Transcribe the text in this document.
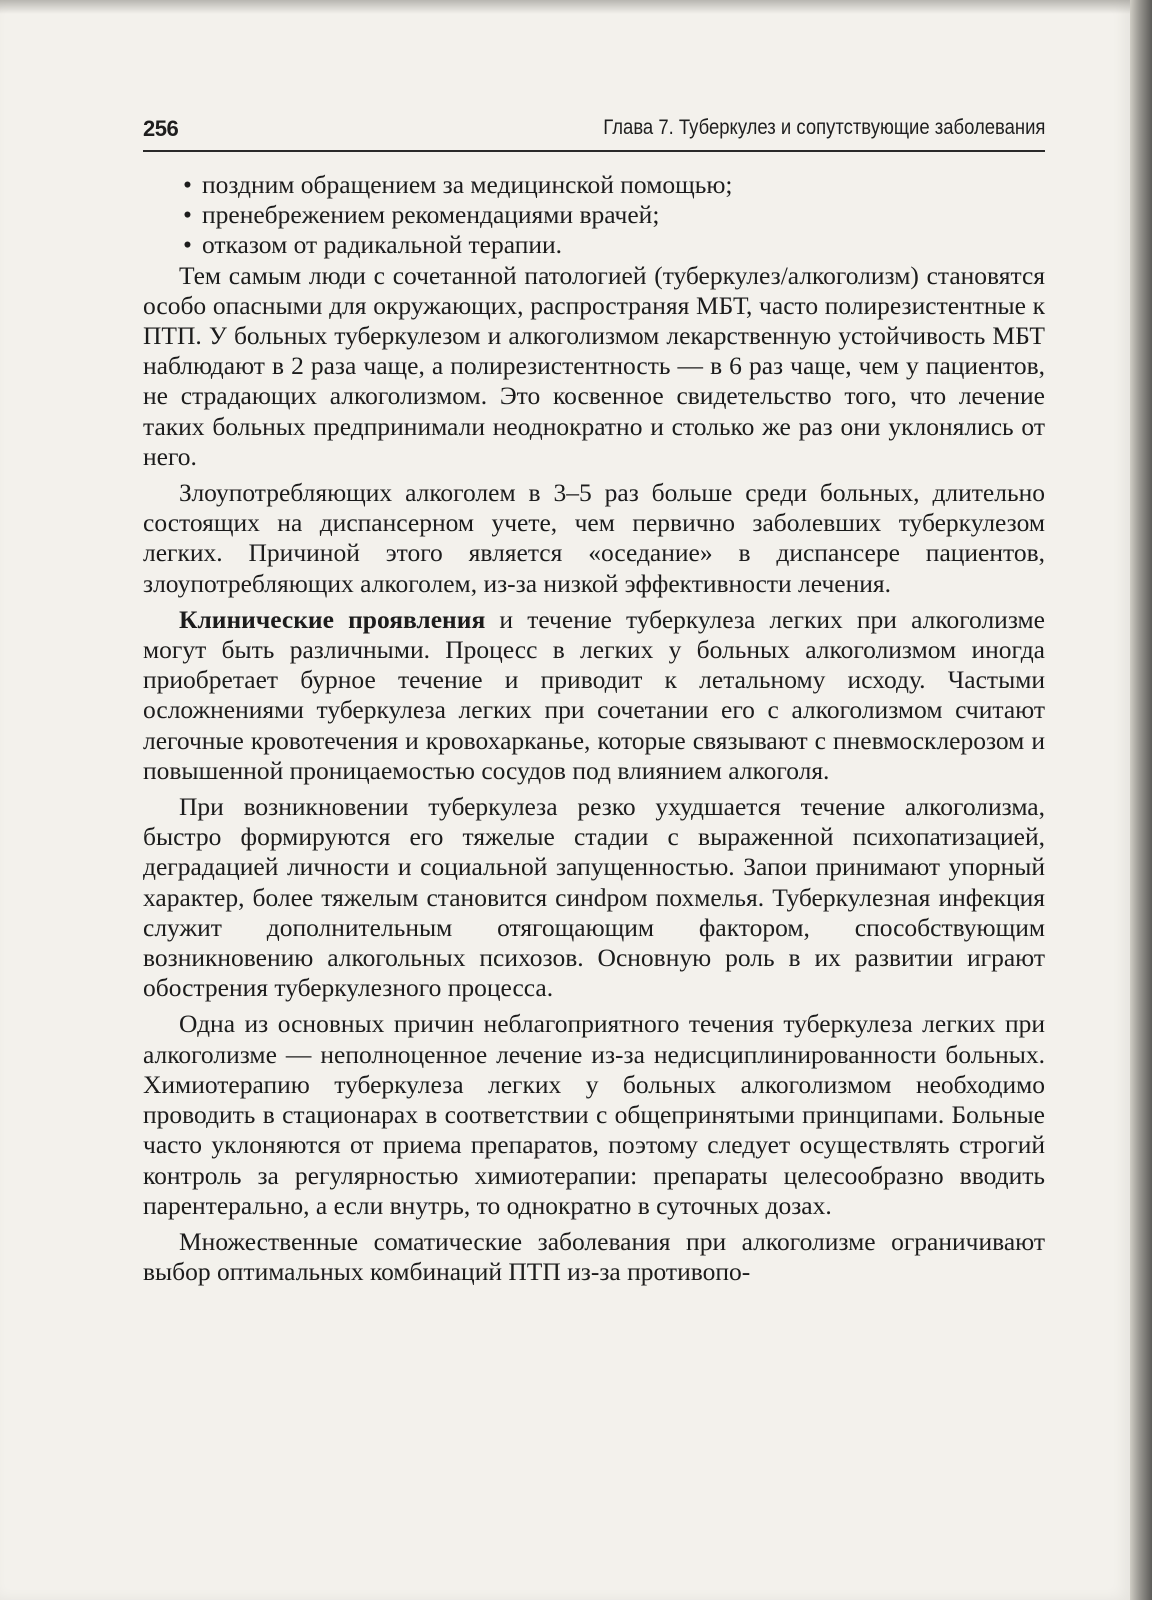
256	Глава 7. Туберкулез и сопутствующие заболевания
• поздним обращением за медицинской помощью;
• пренебрежением рекомендациями врачей;
• отказом от радикальной терапии.

Тем самым люди с сочетанной патологией (туберкулез/алкоголизм) становятся особо опасными для окружающих, распространяя МБТ, часто полирезистентные к ПТП. У больных туберкулезом и алкоголизмом лекарственную устойчивость МБТ наблюдают в 2 раза чаще, а полирезистентность — в 6 раз чаще, чем у пациентов, не страдающих алкоголизмом. Это косвенное свидетельство того, что лечение таких больных предпринимали неоднократно и столько же раз они уклонялись от него.

Злоупотребляющих алкоголем в 3–5 раз больше среди больных, длительно состоящих на диспансерном учете, чем первично заболевших туберкулезом легких. Причиной этого является «оседание» в диспансере пациентов, злоупотребляющих алкоголем, из-за низкой эффективности лечения.

Клинические проявления и течение туберкулеза легких при алкоголизме могут быть различными. Процесс в легких у больных алкоголизмом иногда приобретает бурное течение и приводит к летальному исходу. Частыми осложнениями туберкулеза легких при сочетании его с алкоголизмом считают легочные кровотечения и кровохарканье, которые связывают с пневмосклерозом и повышенной проницаемостью сосудов под влиянием алкоголя.

При возникновении туберкулеза резко ухудшается течение алкоголизма, быстро формируются его тяжелые стадии с выраженной психопатизацией, деградацией личности и социальной запущенностью. Запои принимают упорный характер, более тяжелым становится синdром похмелья. Туберкулезная инфекция служит дополнительным отягощающим фактором, способствующим возникновению алкогольных психозов. Основную роль в их развитии играют обострения туберкулезного процесса.

Одна из основных причин неблагоприятного течения туберкулеза легких при алкоголизме — неполноценное лечение из-за недисциплинированности больных. Химиотерапию туберкулеза легких у больных алкоголизмом необходимо проводить в стационарах в соответствии с общепринятыми принципами. Больные часто уклоняются от приема препаратов, поэтому следует осуществлять строгий контроль за регулярностью химиотерапии: препараты целесообразно вводить парентерально, а если внутрь, то однократно в суточных дозах.

Множественные соматические заболевания при алкоголизме ограничивают выбор оптимальных комбинаций ПТП из-за противопо-
